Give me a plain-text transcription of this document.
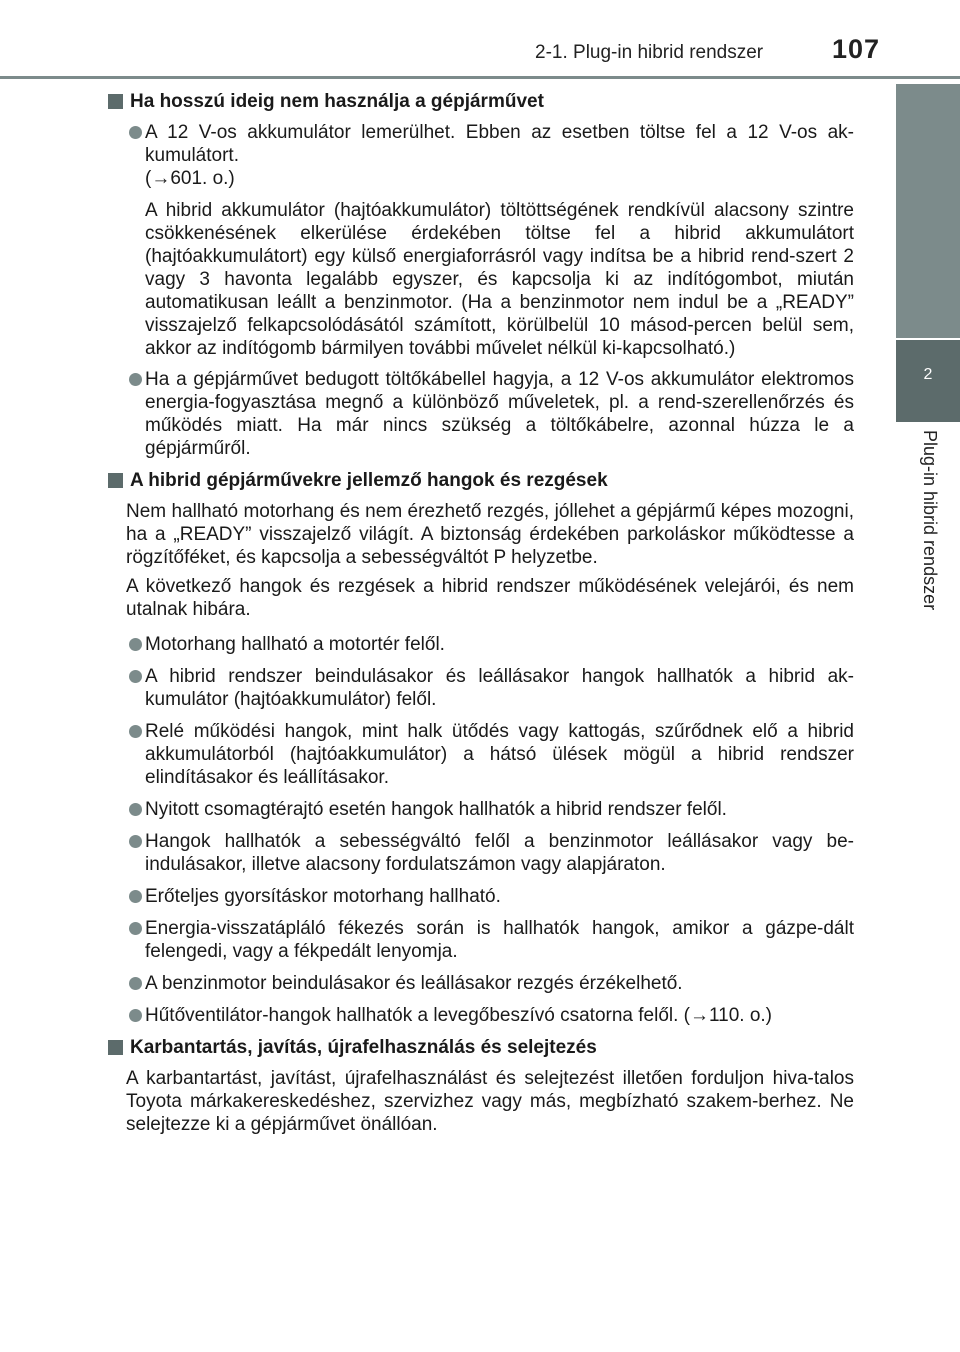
2-1. Plug-in hibrid rendszer	107
2
Plug-in hibrid rendszer
Ha hosszú ideig nem használja a gépjárművet
A 12 V-os akkumulátor lemerülhet. Ebben az esetben töltse fel a 12 V-os ak-kumulátort.
(→601. o.)
A hibrid akkumulátor (hajtóakkumulátor) töltöttségének rendkívül alacsony szintre csökkenésének elkerülése érdekében töltse fel a hibrid akkumulátort (hajtóakkumulátort) egy külső energiaforrásról vagy indítsa be a hibrid rend-szert 2 vagy 3 havonta legalább egyszer, és kapcsolja ki az indítógombot, miután automatikusan leállt a benzinmotor. (Ha a benzinmotor nem indul be a „READY” visszajelző felkapcsolódásától számított, körülbelül 10 másod-percen belül sem, akkor az indítógomb bármilyen további művelet nélkül ki-kapcsolható.)
Ha a gépjárművet bedugott töltőkábellel hagyja, a 12 V-os akkumulátor elektromos energia-fogyasztása megnő a különböző műveletek, pl. a rend-szerellenőrzés és működés miatt. Ha már nincs szükség a töltőkábelre, azonnal húzza le a gépjárműről.
A hibrid gépjárművekre jellemző hangok és rezgések
Nem hallható motorhang és nem érezhető rezgés, jóllehet a gépjármű képes mozogni, ha a „READY” visszajelző világít. A biztonság érdekében parkoláskor működtesse a rögzítőféket, és kapcsolja a sebességváltót P helyzetbe.
A következő hangok és rezgések a hibrid rendszer működésének velejárói, és nem utalnak hibára.
Motorhang hallható a motortér felől.
A hibrid rendszer beindulásakor és leállásakor hangok hallhatók a hibrid ak-kumulátor (hajtóakkumulátor) felől.
Relé működési hangok, mint halk ütődés vagy kattogás, szűrődnek elő a hibrid akkumulátorból (hajtóakkumulátor) a hátsó ülések mögül a hibrid rendszer elindításakor és leállításakor.
Nyitott csomagtérajtó esetén hangok hallhatók a hibrid rendszer felől.
Hangok hallhatók a sebességváltó felől a benzinmotor leállásakor vagy be-indulásakor, illetve alacsony fordulatszámon vagy alapjáraton.
Erőteljes gyorsításkor motorhang hallható.
Energia-visszatápláló fékezés során is hallhatók hangok, amikor a gázpe-dált felengedi, vagy a fékpedált lenyomja.
A benzinmotor beindulásakor és leállásakor rezgés érzékelhető.
Hűtőventilátor-hangok hallhatók a levegőbeszívó csatorna felől. (→110. o.)
Karbantartás, javítás, újrafelhasználás és selejtezés
A karbantartást, javítást, újrafelhasználást és selejtezést illetően forduljon hiva-talos Toyota márkakereskedéshez, szervizhez vagy más, megbízható szakem-berhez. Ne selejtezze ki a gépjárművet önállóan.
